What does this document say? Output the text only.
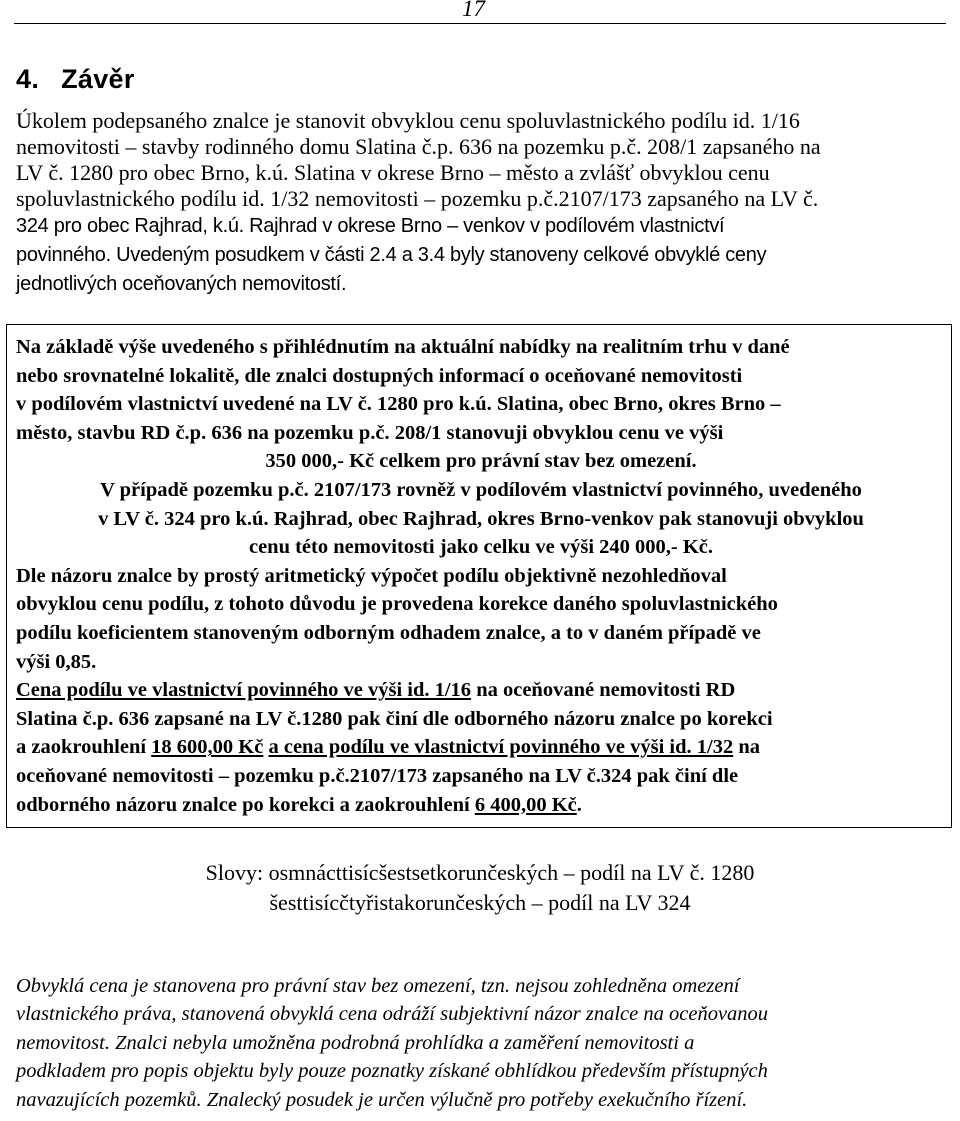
17
4. Závěr
Úkolem podepsaného znalce je stanovit obvyklou cenu spoluvlastnického podílu id. 1/16
nemovitosti – stavby rodinného domu Slatina č.p. 636 na pozemku p.č. 208/1 zapsaného na
LV č. 1280 pro obec Brno, k.ú. Slatina v okrese Brno – město a zvlášť obvyklou cenu
spoluvlastnického podílu id. 1/32 nemovitosti – pozemku p.č.2107/173 zapsaného na LV č.
324 pro obec Rajhrad, k.ú. Rajhrad v okrese Brno – venkov v podílovém vlastnictví
povinného. Uvedeným posudkem v části 2.4 a 3.4 byly stanoveny celkové obvyklé ceny
jednotlivých oceňovaných nemovitostí.
Na základě výše uvedeného s přihlédnutím na aktuální nabídky na realitním trhu v dané
nebo srovnatelné lokalitě, dle znalci dostupných informací o oceňované nemovitosti
v podílovém vlastnictví uvedené na LV č. 1280 pro k.ú. Slatina, obec Brno, okres Brno –
město, stavbu RD č.p. 636 na pozemku p.č. 208/1 stanovuji obvyklou cenu ve výši
350 000,- Kč celkem pro právní stav bez omezení.
V případě pozemku p.č. 2107/173 rovněž v podílovém vlastnictví povinného, uvedeného
v LV č. 324 pro k.ú. Rajhrad, obec Rajhrad, okres Brno-venkov pak stanovuji obvyklou
cenu této nemovitosti jako celku ve výši 240 000,- Kč.
Dle názoru znalce by prostý aritmetický výpočet podílu objektivně nezohledňoval
obvyklou cenu podílu, z tohoto důvodu je provedena korekce daného spoluvlastnického
podílu koeficientem stanoveným odborným odhadem znalce, a to v daném případě ve
výši 0,85.
Cena podílu ve vlastnictví povinného ve výši id. 1/16 na oceňované nemovitosti RD
Slatina č.p. 636 zapsané na LV č.1280 pak činí dle odborného názoru znalce po korekci
a zaokrouhlení 18 600,00 Kč a cena podílu ve vlastnictví povinného ve výši id. 1/32 na
oceňované nemovitosti – pozemku p.č.2107/173 zapsaného na LV č.324 pak činí dle
odborného názoru znalce po korekci a zaokrouhlení 6 400,00 Kč.
Slovy: osmnácttisícšestsetkorunčeských – podíl na LV č. 1280
šesttisícčtyřistakorunčeských – podíl na LV 324
Obvyklá cena je stanovena pro právní stav bez omezení, tzn. nejsou zohledněna omezení
vlastnického práva, stanovená obvyklá cena odráží subjektivní názor znalce na oceňovanou
nemovitost. Znalci nebyla umožněna podrobná prohlídka a zaměření nemovitosti a
podkladem pro popis objektu byly pouze poznatky získané obhlídkou především přístupných
navazujících pozemků. Znalecký posudek je určen výlučně pro potřeby exekučního řízení.
